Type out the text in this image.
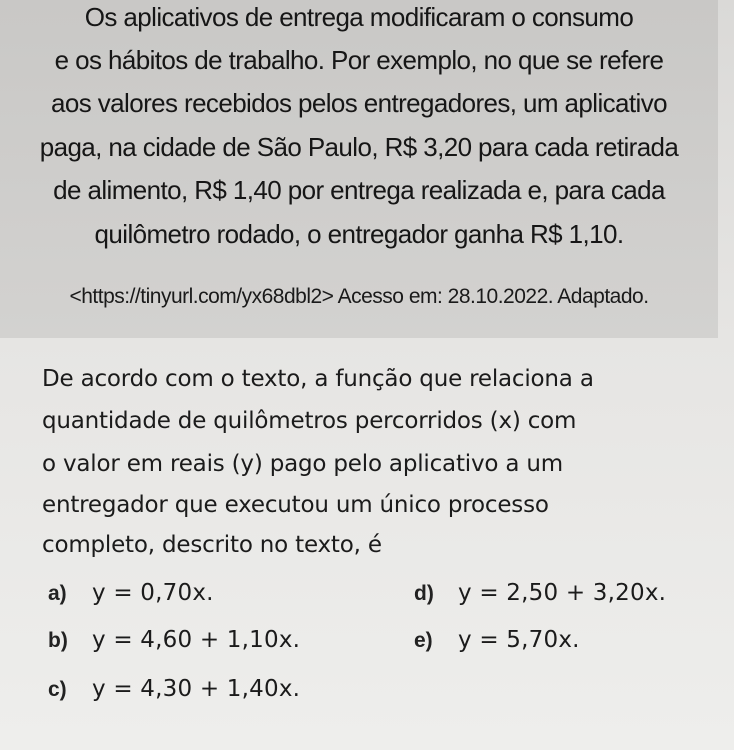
Os aplicativos de entrega modificaram o consumo
e os hábitos de trabalho. Por exemplo, no que se refere
aos valores recebidos pelos entregadores, um aplicativo
paga, na cidade de São Paulo, R$ 3,20 para cada retirada
de alimento, R$ 1,40 por entrega realizada e, para cada
quilômetro rodado, o entregador ganha R$ 1,10.
<https://tinyurl.com/yx68dbl2> Acesso em: 28.10.2022. Adaptado.
De acordo com o texto, a função que relaciona a
quantidade de quilômetros percorridos (x) com
o valor em reais (y) pago pelo aplicativo a um
entregador que executou um único processo
completo, descrito no texto, é
a) y = 0,70x.
b) y = 4,60 + 1,10x.
c) y = 4,30 + 1,40x.
d) y = 2,50 + 3,20x.
e) y = 5,70x.
